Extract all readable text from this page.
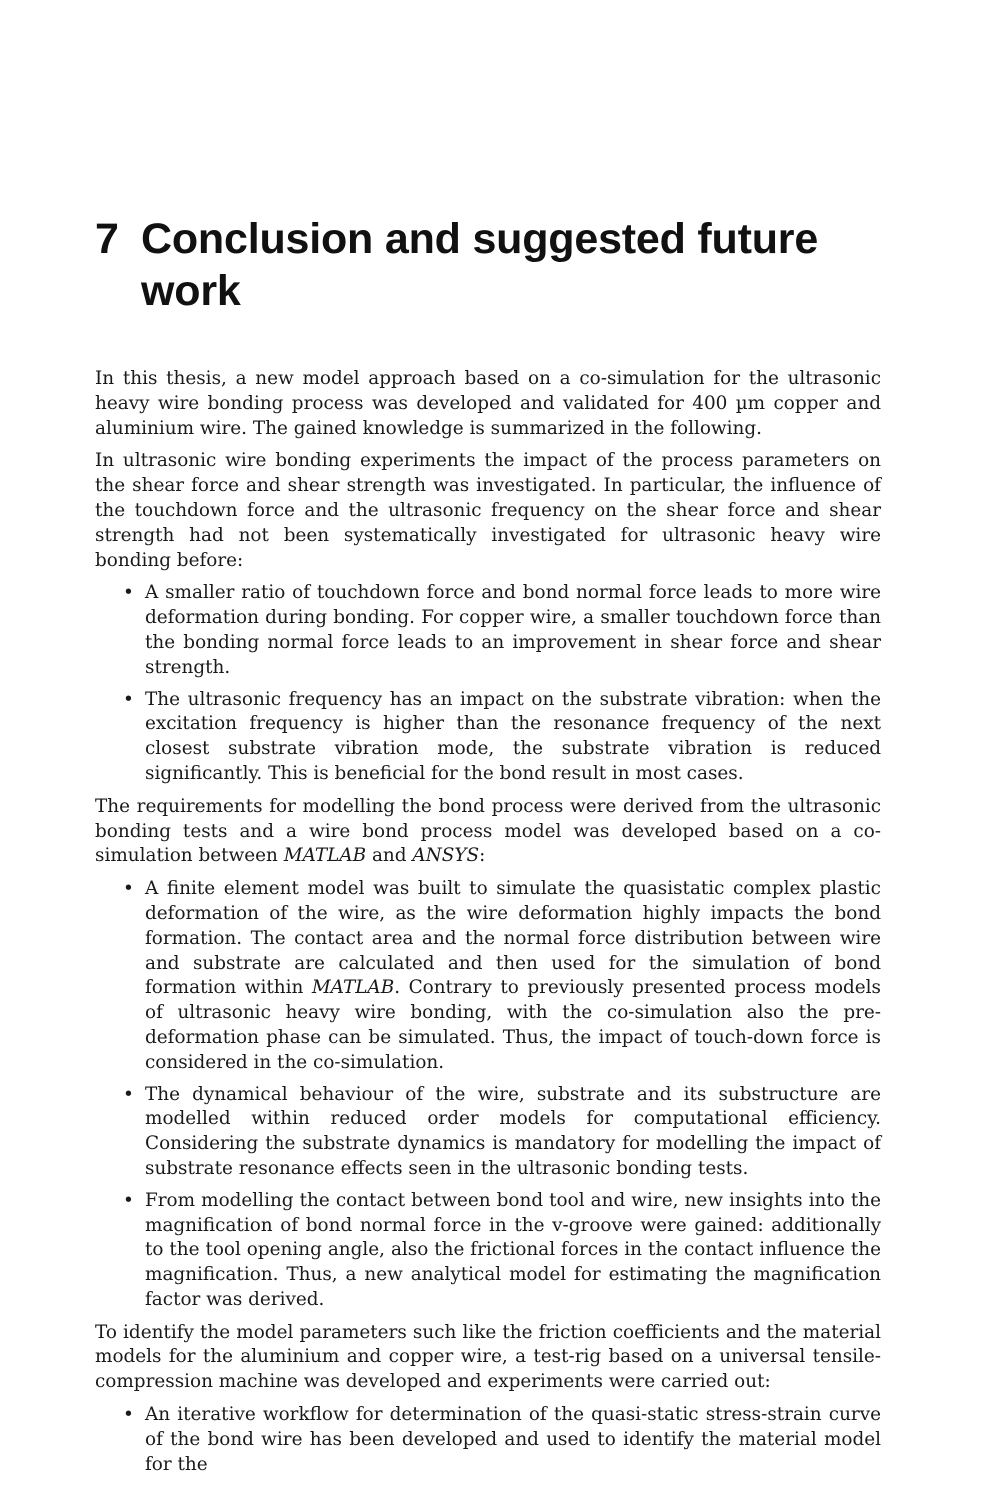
7 Conclusion and suggested future work

In this thesis, a new model approach based on a co-simulation for the ultrasonic heavy wire bonding process was developed and validated for 400 µm copper and aluminium wire. The gained knowledge is summarized in the following.

In ultrasonic wire bonding experiments the impact of the process parameters on the shear force and shear strength was investigated. In particular, the influence of the touchdown force and the ultrasonic frequency on the shear force and shear strength had not been systematically investigated for ultrasonic heavy wire bonding before:

• A smaller ratio of touchdown force and bond normal force leads to more wire deformation during bonding. For copper wire, a smaller touchdown force than the bonding normal force leads to an improvement in shear force and shear strength.
• The ultrasonic frequency has an impact on the substrate vibration: when the excitation frequency is higher than the resonance frequency of the next closest substrate vibration mode, the substrate vibration is reduced significantly. This is beneficial for the bond result in most cases.

The requirements for modelling the bond process were derived from the ultrasonic bonding tests and a wire bond process model was developed based on a co-simulation between MATLAB and ANSYS:

• A finite element model was built to simulate the quasistatic complex plastic deformation of the wire, as the wire deformation highly impacts the bond formation. The contact area and the normal force distribution between wire and substrate are calculated and then used for the simulation of bond formation within MATLAB. Contrary to previously presented process models of ultrasonic heavy wire bonding, with the co-simulation also the pre-deformation phase can be simulated. Thus, the impact of touch-down force is considered in the co-simulation.
• The dynamical behaviour of the wire, substrate and its substructure are modelled within reduced order models for computational efficiency. Considering the substrate dynamics is mandatory for modelling the impact of substrate resonance effects seen in the ultrasonic bonding tests.
• From modelling the contact between bond tool and wire, new insights into the magnification of bond normal force in the v-groove were gained: additionally to the tool opening angle, also the frictional forces in the contact influence the magnification. Thus, a new analytical model for estimating the magnification factor was derived.

To identify the model parameters such like the friction coefficients and the material models for the aluminium and copper wire, a test-rig based on a universal tensile-compression machine was developed and experiments were carried out:

• An iterative workflow for determination of the quasi-static stress-strain curve of the bond wire has been developed and used to identify the material model for the
